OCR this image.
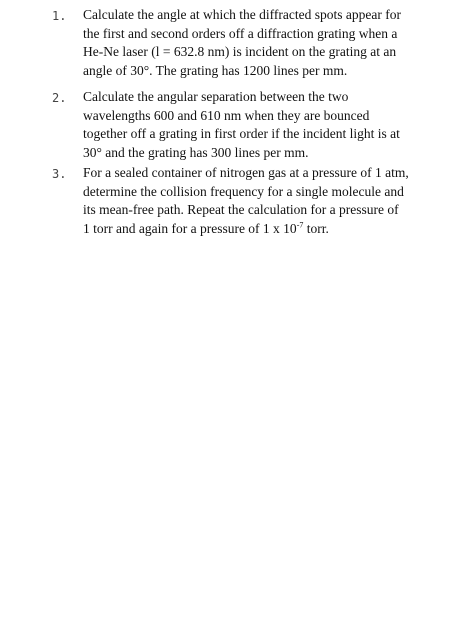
1. Calculate the angle at which the diffracted spots appear for
the first and second orders off a diffraction grating when a
He-Ne laser (l = 632.8 nm) is incident on the grating at an
angle of 30°. The grating has 1200 lines per mm.
2. Calculate the angular separation between the two
wavelengths 600 and 610 nm when they are bounced
together off a grating in first order if the incident light is at
30° and the grating has 300 lines per mm.
3. For a sealed container of nitrogen gas at a pressure of 1 atm,
determine the collision frequency for a single molecule and
its mean-free path. Repeat the calculation for a pressure of
1 torr and again for a pressure of 1 x $10^{-7}$ torr.
